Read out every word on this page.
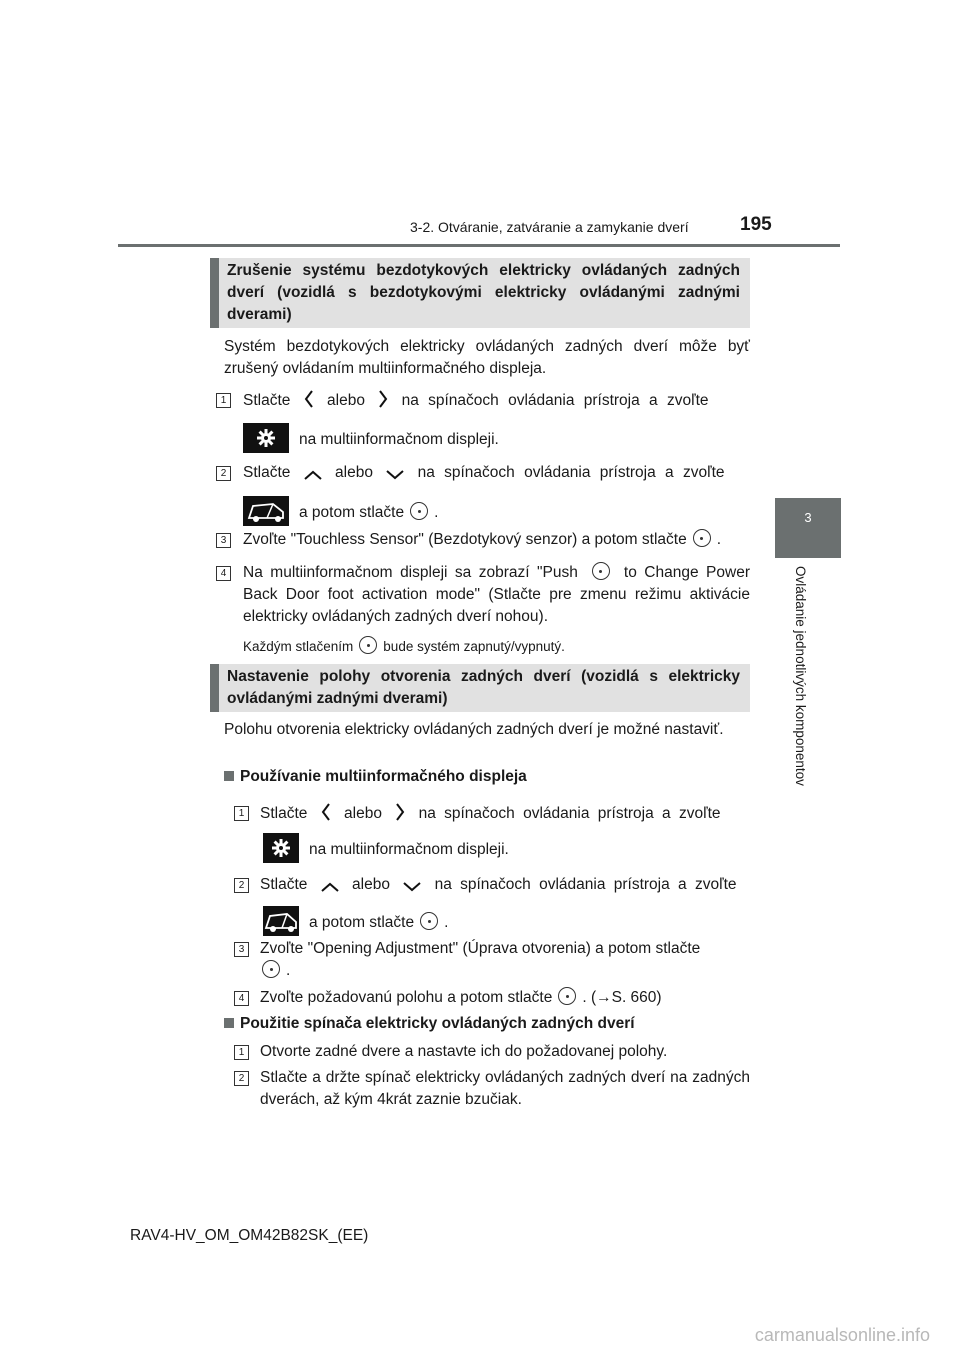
3-2. Otváranie, zatváranie a zamykanie dverí	195
3
Ovládanie jednotlivých komponentov
Zrušenie systému bezdotykových elektricky ovládaných zadných dverí (vozidlá s bezdotykovými elektricky ovládanými zadnými dverami)
Systém bezdotykových elektricky ovládaných zadných dverí môže byť zrušený ovládaním multiinformačného displeja.
1	Stlačte alebo na spínačoch ovládania prístroja a zvoľte
na multiinformačnom displeji.
2	Stlačte	alebo	na spínačoch ovládania prístroja a zvoľte
a potom stlačte .
3	Zvoľte "Touchless Sensor" (Bezdotykový senzor) a potom stlačte .
4	Na multiinformačnom displeji sa zobrazí "Push	to Change Power Back Door foot activation mode" (Stlačte pre zmenu režimu aktivácie elektricky ovládaných zadných dverí nohou).
Každým stlačením bude systém zapnutý/vypnutý.
Nastavenie polohy otvorenia zadných dverí (vozidlá s elektricky ovládanými zadnými dverami)
Polohu otvorenia elektricky ovládaných zadných dverí je možné nastaviť.
Používanie multiinformačného displeja
1	Stlačte alebo na spínačoch ovládania prístroja a zvoľte
na multiinformačnom displeji.
2	Stlačte	alebo	na spínačoch ovládania prístroja a zvoľte
a potom stlačte .
3	Zvoľte "Opening Adjustment" (Úprava otvorenia) a potom stlačte
.
4	Zvoľte požadovanú polohu a potom stlačte . (→S. 660)
Použitie spínača elektricky ovládaných zadných dverí
1	Otvorte zadné dvere a nastavte ich do požadovanej polohy.
2	Stlačte a držte spínač elektricky ovládaných zadných dverí na zadných dverách, až kým 4krát zaznie bzučiak.
RAV4-HV_OM_OM42B82SK_(EE)
carmanualsonline.info
